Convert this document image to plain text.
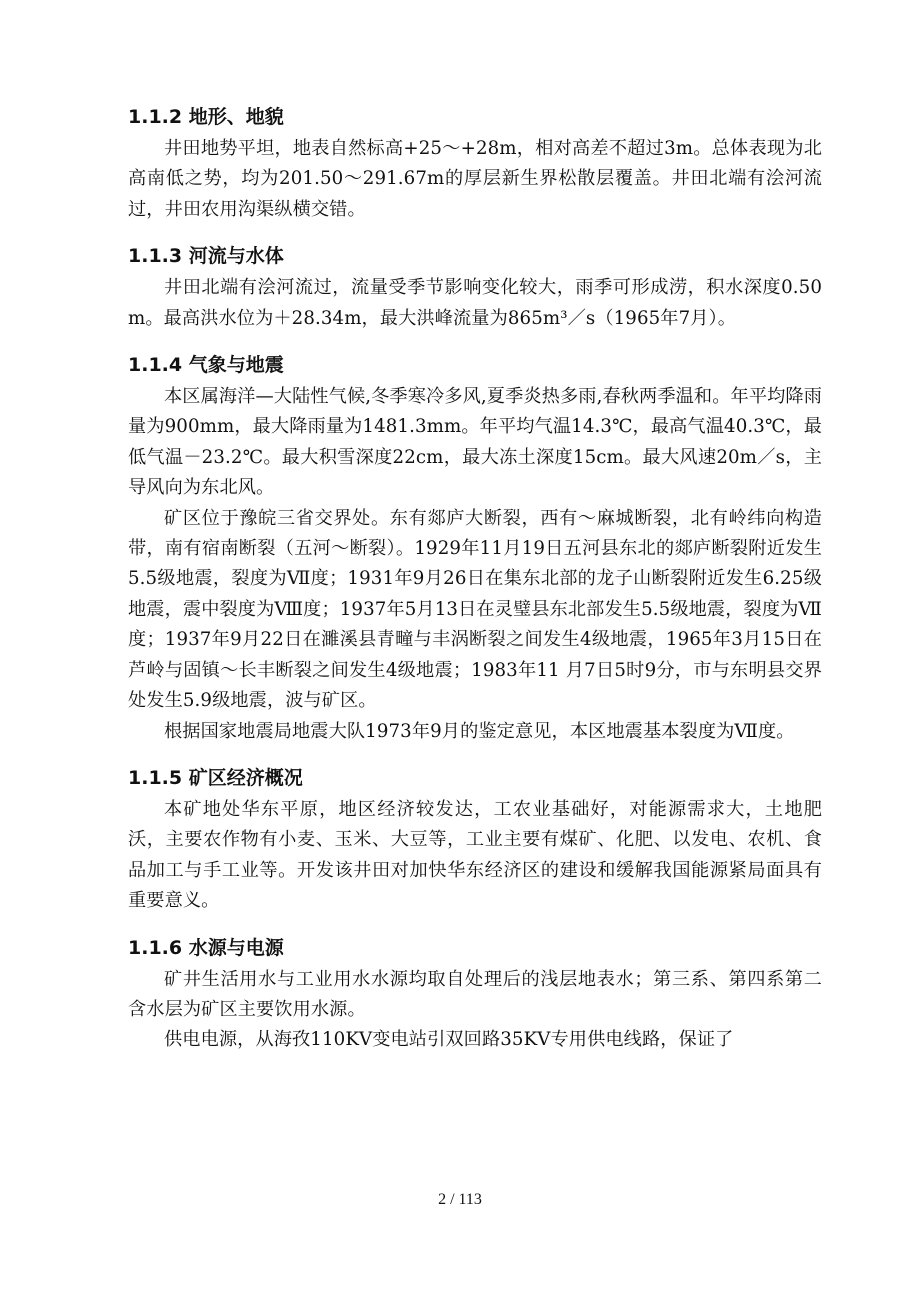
1.1.2 地形、地貌

井田地势平坦，地表自然标高+25～+28m，相对高差不超过3m。总体表现为北高南低之势，均为201.50～291.67m的厚层新生界松散层覆盖。井田北端有浍河流过，井田农用沟渠纵横交错。

1.1.3 河流与水体

井田北端有浍河流过，流量受季节影响变化较大，雨季可形成涝，积水深度0.50 m。最高洪水位为＋28.34m，最大洪峰流量为865m³／s（1965年7月）。

1.1.4 气象与地震

本区属海洋—大陆性气候,冬季寒冷多风,夏季炎热多雨,春秋两季温和。年平均降雨量为900mm，最大降雨量为1481.3mm。年平均气温14.3℃，最高气温40.3℃，最低气温－23.2℃。最大积雪深度22cm，最大冻土深度15cm。最大风速20m／s，主导风向为东北风。

矿区位于豫皖三省交界处。东有郯庐大断裂，西有～麻城断裂，北有岭纬向构造带，南有宿南断裂（五河～断裂）。1929年11月19日五河县东北的郯庐断裂附近发生5.5级地震，裂度为Ⅶ度；1931年9月26日在集东北部的龙子山断裂附近发生6.25级地震，震中裂度为Ⅷ度；1937年5月13日在灵璧县东北部发生5.5级地震，裂度为Ⅶ度；1937年9月22日在濉溪县青疃与丰涡断裂之间发生4级地震，1965年3月15日在芦岭与固镇～长丰断裂之间发生4级地震；1983年11 月7日5时9分，市与东明县交界处发生5.9级地震，波与矿区。

根据国家地震局地震大队1973年9月的鉴定意见，本区地震基本裂度为Ⅶ度。

1.1.5 矿区经济概况

本矿地处华东平原，地区经济较发达，工农业基础好，对能源需求大，土地肥沃，主要农作物有小麦、玉米、大豆等，工业主要有煤矿、化肥、以发电、农机、食品加工与手工业等。开发该井田对加快华东经济区的建设和缓解我国能源紧局面具有重要意义。

1.1.6 水源与电源

矿井生活用水与工业用水水源均取自处理后的浅层地表水；第三系、第四系第二含水层为矿区主要饮用水源。

供电电源，从海孜110KV变电站引双回路35KV专用供电线路，保证了

2 / 113
